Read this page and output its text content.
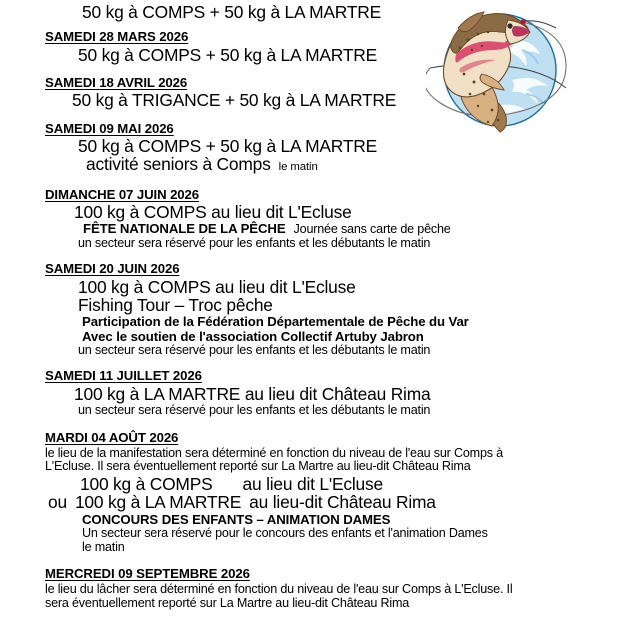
50 kg à COMPS + 50 kg à LA MARTRE
SAMEDI 28 MARS 2026
50 kg à COMPS + 50 kg à LA MARTRE
SAMEDI 18 AVRIL 2026
50 kg à TRIGANCE + 50 kg à LA MARTRE
SAMEDI 09 MAI 2026
50 kg à COMPS + 50 kg à LA MARTRE
activité seniors à Comps le matin
DIMANCHE 07 JUIN 2026
100 kg à COMPS au lieu dit L'Ecluse
FÊTE NATIONALE DE LA PÊCHE Journée sans carte de pêche
un secteur sera réservé pour les enfants et les débutants le matin
SAMEDI 20 JUIN 2026
100 kg à COMPS au lieu dit L'Ecluse
Fishing Tour – Troc pêche
Participation de la Fédération Départementale de Pêche du Var
Avec le soutien de l'association Collectif Artuby Jabron
un secteur sera réservé pour les enfants et les débutants le matin
SAMEDI 11 JUILLET 2026
100 kg à LA MARTRE au lieu dit Château Rima
un secteur sera réservé pour les enfants et les débutants le matin
MARDI 04 AOÛT 2026
le lieu de la manifestation sera déterminé en fonction du niveau de l'eau sur Comps à
L'Ecluse. Il sera éventuellement reporté sur La Martre au lieu-dit Château Rima
100 kg à COMPS au lieu dit L'Ecluse
ou 100 kg à LA MARTRE au lieu-dit Château Rima
CONCOURS DES ENFANTS – ANIMATION DAMES
Un secteur sera réservé pour le concours des enfants et l'animation Dames
le matin
MERCREDI 09 SEPTEMBRE 2026
le lieu du lâcher sera déterminé en fonction du niveau de l'eau sur Comps à L'Ecluse. Il
sera éventuellement reporté sur La Martre au lieu-dit Château Rima
